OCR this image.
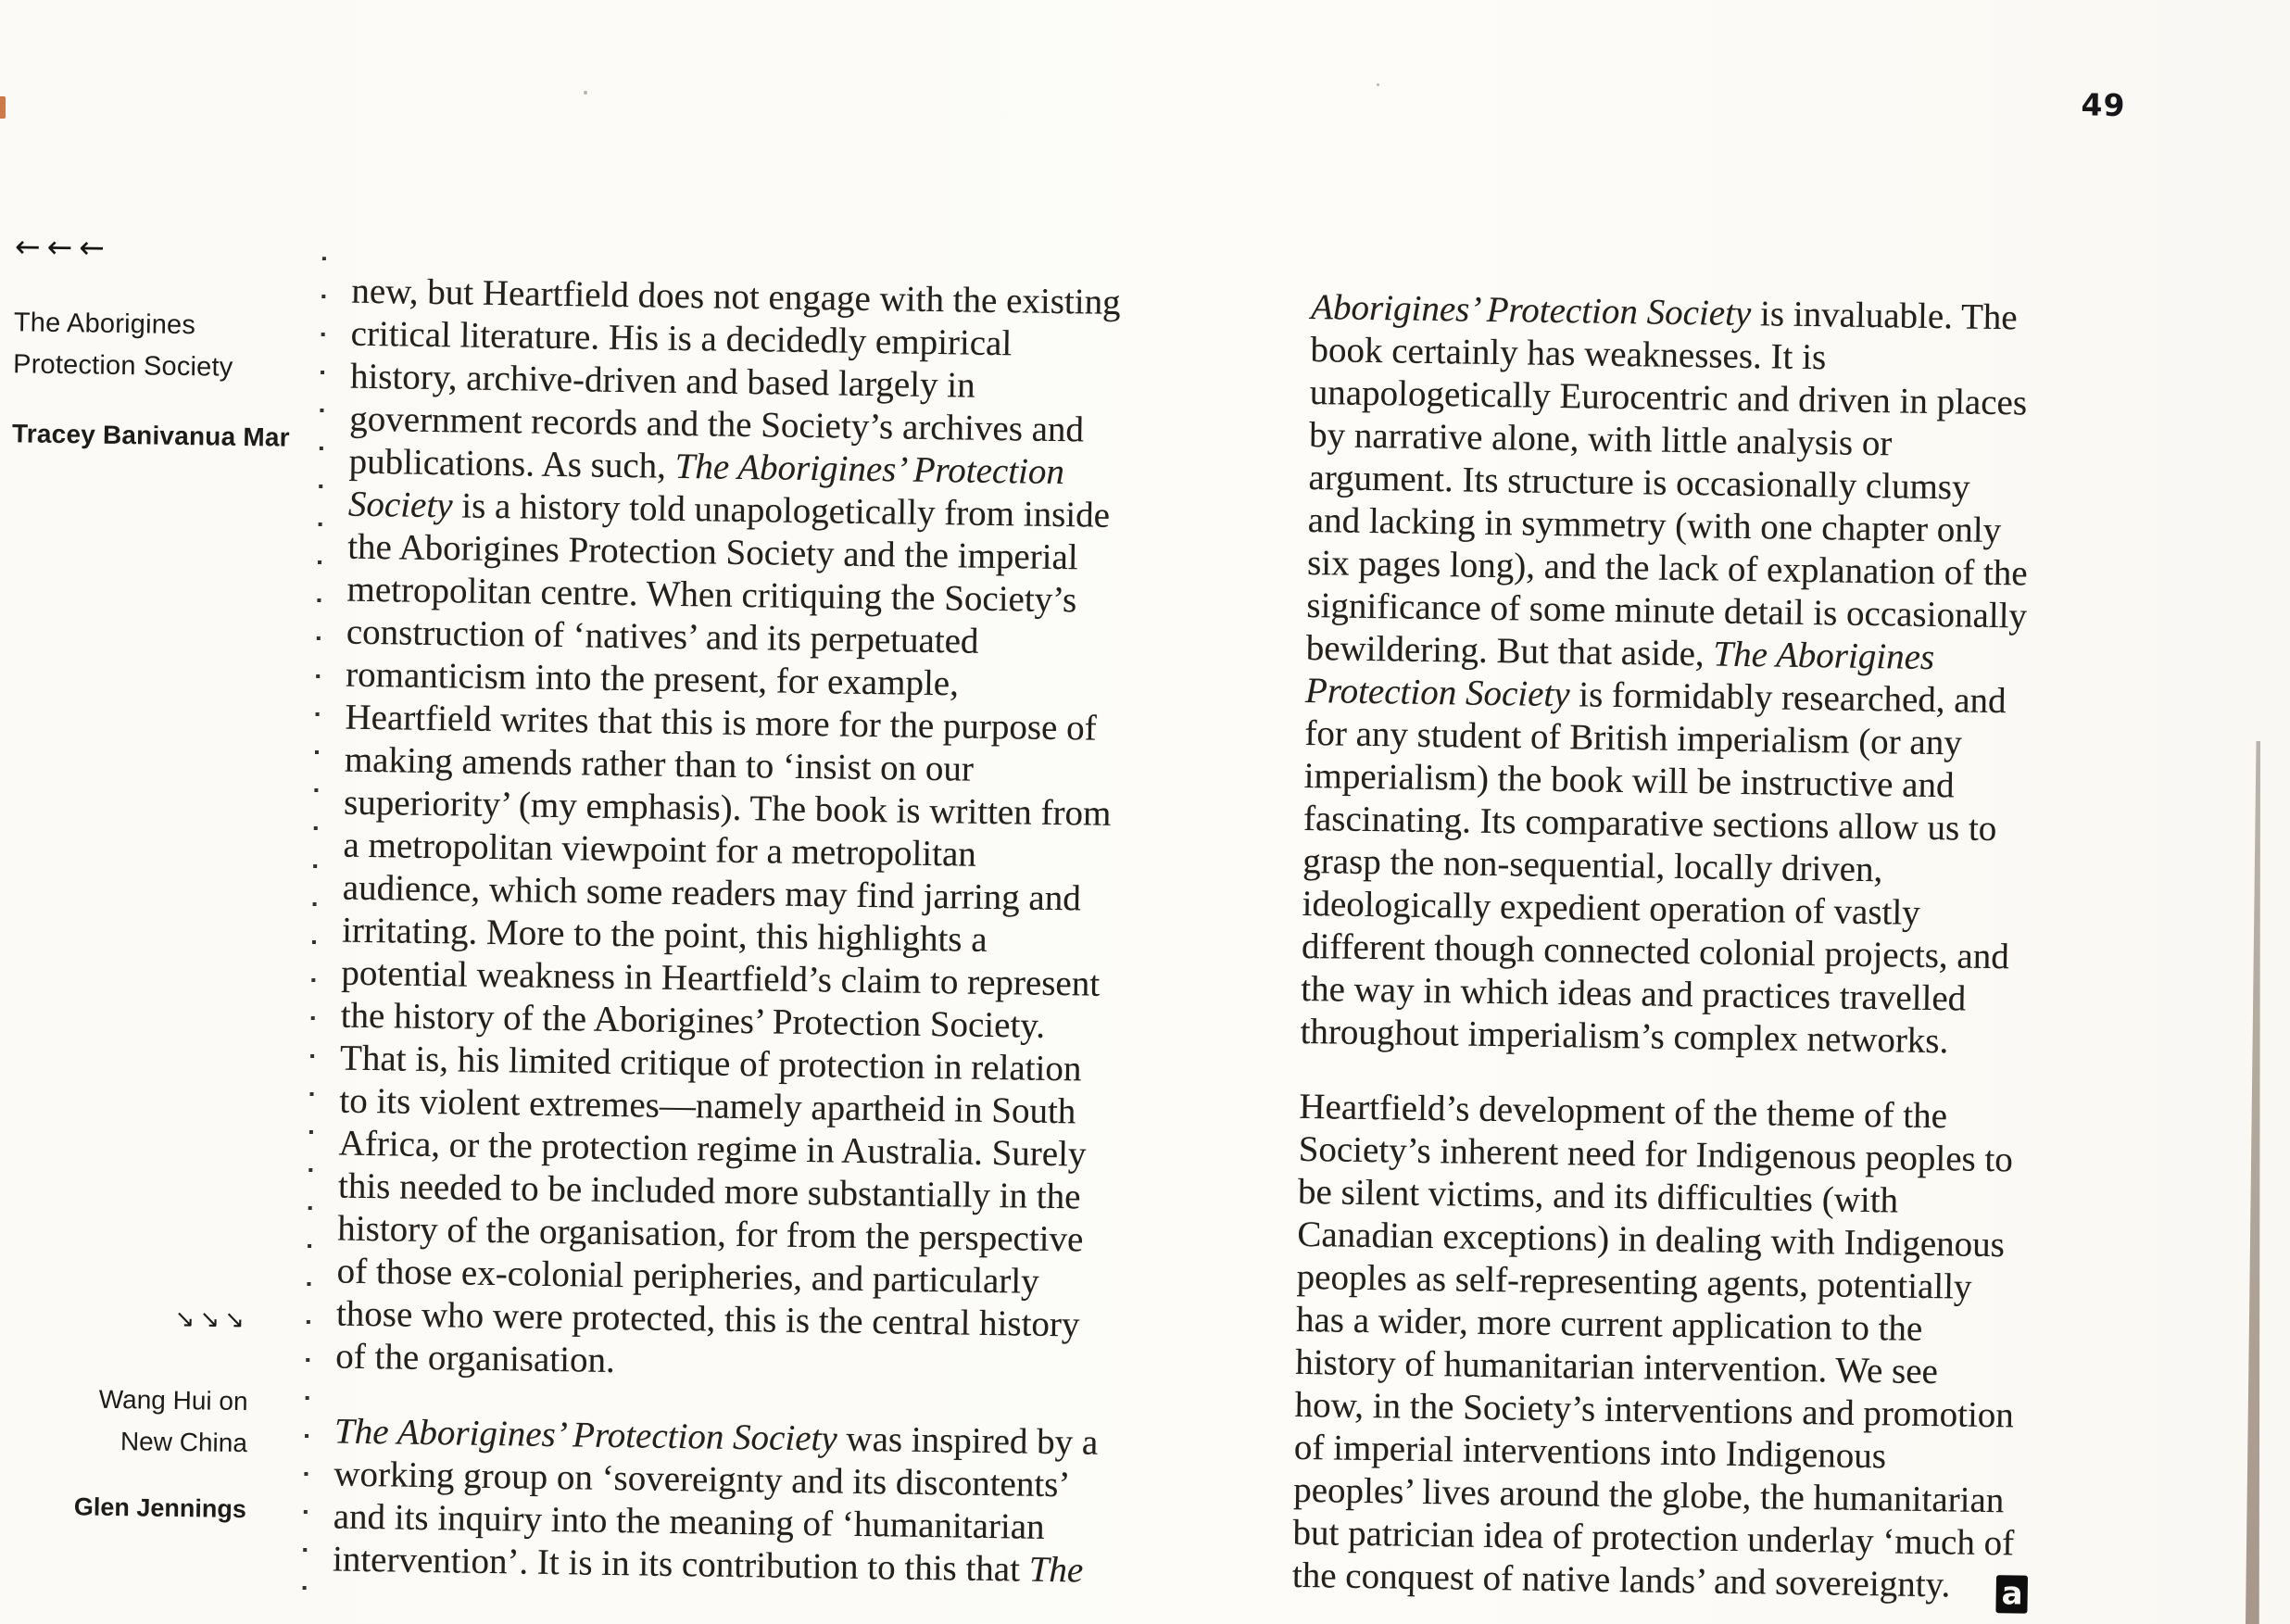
49
←←←
The Aborigines
Protection Society
Tracey Banivanua Mar
↘↘↘
Wang Hui on
New China
Glen Jennings
new, but Heartfield does not engage with the existing
critical literature. His is a decidedly empirical
history, archive-driven and based largely in
government records and the Society’s archives and
publications. As such, The Aborigines’ Protection
Society is a history told unapologetically from inside
the Aborigines Protection Society and the imperial
metropolitan centre. When critiquing the Society’s
construction of ‘natives’ and its perpetuated
romanticism into the present, for example,
Heartfield writes that this is more for the purpose of
making amends rather than to ‘insist on our
superiority’ (my emphasis). The book is written from
a metropolitan viewpoint for a metropolitan
audience, which some readers may find jarring and
irritating. More to the point, this highlights a
potential weakness in Heartfield’s claim to represent
the history of the Aborigines’ Protection Society.
That is, his limited critique of protection in relation
to its violent extremes—namely apartheid in South
Africa, or the protection regime in Australia. Surely
this needed to be included more substantially in the
history of the organisation, for from the perspective
of those ex-colonial peripheries, and particularly
those who were protected, this is the central history
of the organisation.
The Aborigines’ Protection Society was inspired by a
working group on ‘sovereignty and its discontents’
and its inquiry into the meaning of ‘humanitarian
intervention’. It is in its contribution to this that The
Aborigines’ Protection Society is invaluable. The
book certainly has weaknesses. It is
unapologetically Eurocentric and driven in places
by narrative alone, with little analysis or
argument. Its structure is occasionally clumsy
and lacking in symmetry (with one chapter only
six pages long), and the lack of explanation of the
significance of some minute detail is occasionally
bewildering. But that aside, The Aborigines
Protection Society is formidably researched, and
for any student of British imperialism (or any
imperialism) the book will be instructive and
fascinating. Its comparative sections allow us to
grasp the non-sequential, locally driven,
ideologically expedient operation of vastly
different though connected colonial projects, and
the way in which ideas and practices travelled
throughout imperialism’s complex networks.
Heartfield’s development of the theme of the
Society’s inherent need for Indigenous peoples to
be silent victims, and its difficulties (with
Canadian exceptions) in dealing with Indigenous
peoples as self-representing agents, potentially
has a wider, more current application to the
history of humanitarian intervention. We see
how, in the Society’s interventions and promotion
of imperial interventions into Indigenous
peoples’ lives around the globe, the humanitarian
but patrician idea of protection underlay ‘much of
the conquest of native lands’ and sovereignty. a
